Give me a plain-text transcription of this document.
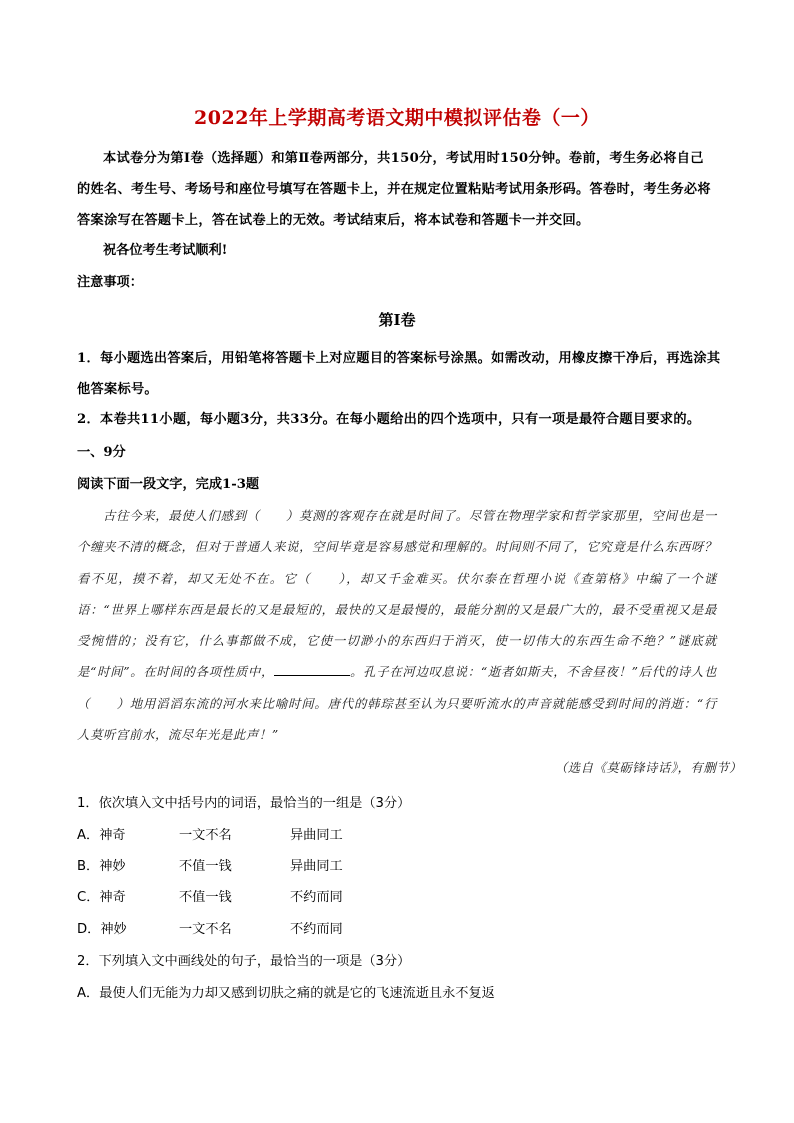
2022年上学期高考语文期中模拟评估卷（一）

本试卷分为第Ⅰ卷（选择题）和第Ⅱ卷两部分，共150分，考试用时150分钟。卷前，考生务必将自己的姓名、考生号、考场号和座位号填写在答题卡上，并在规定位置粘贴考试用条形码。答卷时，考生务必将答案涂写在答题卡上，答在试卷上的无效。考试结束后，将本试卷和答题卡一并交回。

祝各位考生考试顺利!
注意事项：
第Ⅰ卷
1．每小题选出答案后，用铅笔将答题卡上对应题目的答案标号涂黑。如需改动，用橡皮擦干净后，再选涂其他答案标号。
2．本卷共11小题，每小题3分，共33分。在每小题给出的四个选项中，只有一项是最符合题目要求的。
一、9分
阅读下面一段文字，完成1-3题
古往今来，最使人们感到（　　）莫测的客观存在就是时间了。尽管在物理学家和哲学家那里，空间也是一个缠夹不清的概念，但对于普通人来说，空间毕竟是容易感觉和理解的。时间则不同了，它究竟是什么东西呀？看不见，摸不着，却又无处不在。它（　　），却又千金难买。伏尔泰在哲理小说《查第格》中编了一个谜语：“世界上哪样东西是最长的又是最短的，最快的又是最慢的，最能分割的又是最广大的，最不受重视又是最受惋惜的；没有它，什么事都做不成，它使一切渺小的东西归于消灭，使一切伟大的东西生命不绝？”谜底就是“时间”。在时间的各项性质中，	。孔子在河边叹息说：“逝者如斯夫，不舍昼夜！”后代的诗人也（　　）地用滔滔东流的河水来比喻时间。唐代的韩琮甚至认为只要听流水的声音就能感受到时间的消逝：“行人莫听宫前水，流尽年光是此声！”
（选自《莫砺锋诗话》，有删节）
1．依次填入文中括号内的词语，最恰当的一组是（3分）
A．神奇	一文不名	异曲同工
B．神妙	不值一钱	异曲同工
C．神奇	不值一钱	不约而同
D．神妙	一文不名	不约而同
2．下列填入文中画线处的句子，最恰当的一项是（3分）
A．最使人们无能为力却又感到切肤之痛的就是它的飞速流逝且永不复返
